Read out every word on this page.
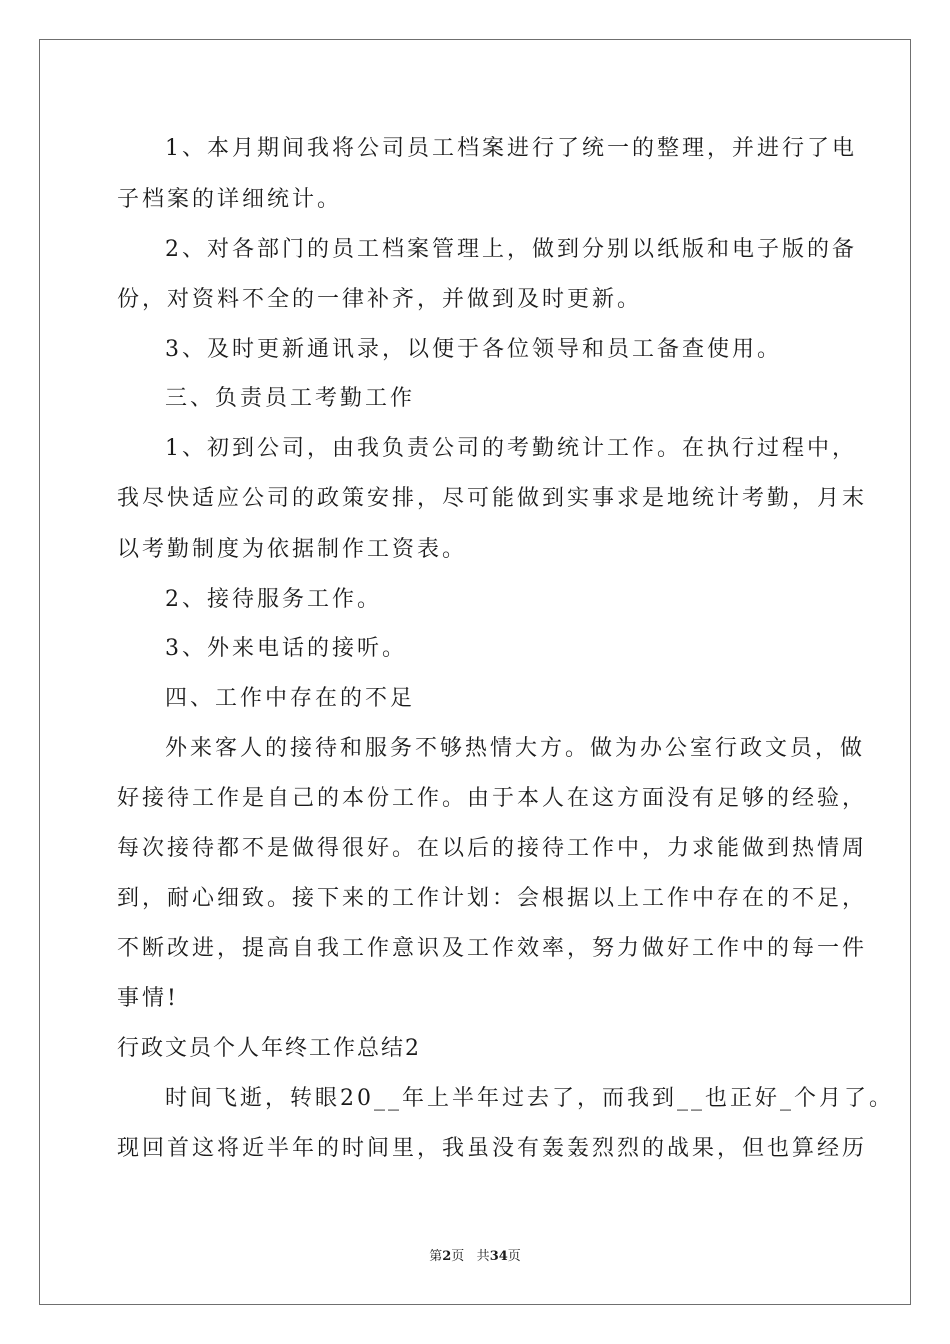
1、本月期间我将公司员工档案进行了统一的整理，并进行了电
子档案的详细统计。
2、对各部门的员工档案管理上，做到分别以纸版和电子版的备
份，对资料不全的一律补齐，并做到及时更新。
3、及时更新通讯录，以便于各位领导和员工备查使用。
三、负责员工考勤工作
1、初到公司，由我负责公司的考勤统计工作。在执行过程中，
我尽快适应公司的政策安排，尽可能做到实事求是地统计考勤，月末
以考勤制度为依据制作工资表。
2、接待服务工作。
3、外来电话的接听。
四、工作中存在的不足
外来客人的接待和服务不够热情大方。做为办公室行政文员，做
好接待工作是自己的本份工作。由于本人在这方面没有足够的经验，
每次接待都不是做得很好。在以后的接待工作中，力求能做到热情周
到，耐心细致。接下来的工作计划：会根据以上工作中存在的不足，
不断改进，提高自我工作意识及工作效率，努力做好工作中的每一件
事情!
行政文员个人年终工作总结2
时间飞逝，转眼20__年上半年过去了，而我到__也正好_个月了。
现回首这将近半年的时间里，我虽没有轰轰烈烈的战果，但也算经历
第2页 共34页
